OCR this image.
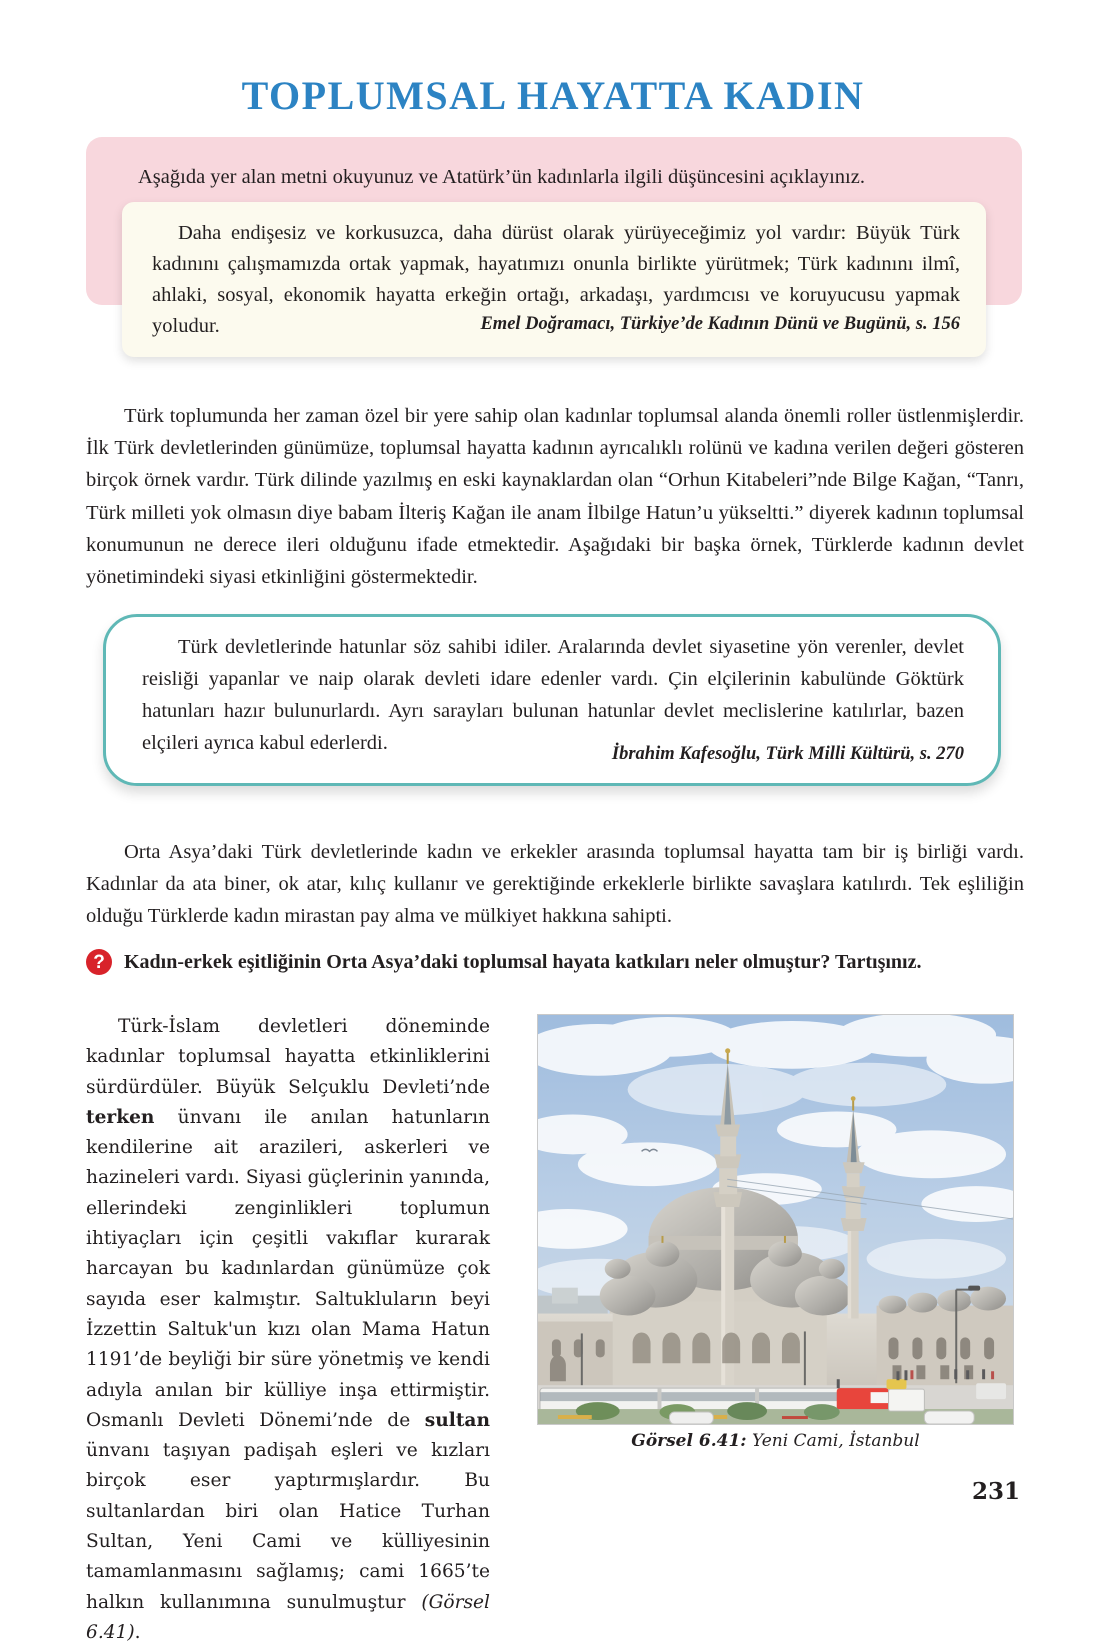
TOPLUMSAL HAYATTA KADIN
Aşağıda yer alan metni okuyunuz ve Atatürk’ün kadınlarla ilgili düşüncesini açıklayınız.
Daha endişesiz ve korkusuzca, daha dürüst olarak yürüyeceğimiz yol vardır: Büyük Türk kadınını çalışmamızda ortak yapmak, hayatımızı onunla birlikte yürütmek; Türk kadınını ilmî, ahlaki, sosyal, ekonomik hayatta erkeğin ortağı, arkadaşı, yardımcısı ve koruyucusu yapmak yoludur.	Emel Doğramacı, Türkiye’de Kadının Dünü ve Bugünü, s. 156

Türk toplumunda her zaman özel bir yere sahip olan kadınlar toplumsal alanda önemli roller üstlenmişlerdir. İlk Türk devletlerinden günümüze, toplumsal hayatta kadının ayrıcalıklı rolünü ve kadına verilen değeri gösteren birçok örnek vardır. Türk dilinde yazılmış en eski kaynaklardan olan “Orhun Kitabeleri”nde Bilge Kağan, “Tanrı, Türk milleti yok olmasın diye babam İlteriş Kağan ile anam İlbilge Hatun’u yükseltti.” diyerek kadının toplumsal konumunun ne derece ileri olduğunu ifade etmektedir. Aşağıdaki bir başka örnek, Türklerde kadının devlet yönetimindeki siyasi etkinliğini göstermektedir.

Türk devletlerinde hatunlar söz sahibi idiler. Aralarında devlet siyasetine yön verenler, devlet reisliği yapanlar ve naip olarak devleti idare edenler vardı. Çin elçilerinin kabulünde Göktürk hatunları hazır bulunurlardı. Ayrı sarayları bulunan hatunlar devlet meclislerine katılırlar, bazen elçileri ayrıca kabul ederlerdi.
İbrahim Kafesoğlu, Türk Milli Kültürü, s. 270

Orta Asya’daki Türk devletlerinde kadın ve erkekler arasında toplumsal hayatta tam bir iş birliği vardı. Kadınlar da ata biner, ok atar, kılıç kullanır ve gerektiğinde erkeklerle birlikte savaşlara katılırdı. Tek eşliliğin olduğu Türklerde kadın mirastan pay alma ve mülkiyet hakkına sahipti.

? Kadın-erkek eşitliğinin Orta Asya’daki toplumsal hayata katkıları neler olmuştur? Tartışınız.
Türk-İslam devletleri döneminde kadınlar toplumsal hayatta etkinliklerini sürdürdüler. Büyük Selçuklu Devleti’nde terken ünvanı ile anılan hatunların kendilerine ait arazileri, askerleri ve hazineleri vardı. Siyasi güçlerinin yanında, ellerindeki zenginlikleri toplumun ihtiyaçları için çeşitli vakıflar kurarak harcayan bu kadınlardan günümüze çok sayıda eser kalmıştır. Saltukluların beyi İzzettin Saltuk'un kızı olan Mama Hatun 1191’de beyliği bir süre yönetmiş ve kendi adıyla anılan bir külliye inşa ettirmiştir. Osmanlı Devleti Dönemi’nde de sultan ünvanı taşıyan padişah eşleri ve kızları birçok eser yaptırmışlardır. Bu sultanlardan biri olan Hatice Turhan Sultan, Yeni Cami ve külliyesinin tamamlanmasını sağlamış; cami 1665’te halkın kullanımına sunulmuştur (Görsel 6.41).
Görsel 6.41: Yeni Cami, İstanbul
231
